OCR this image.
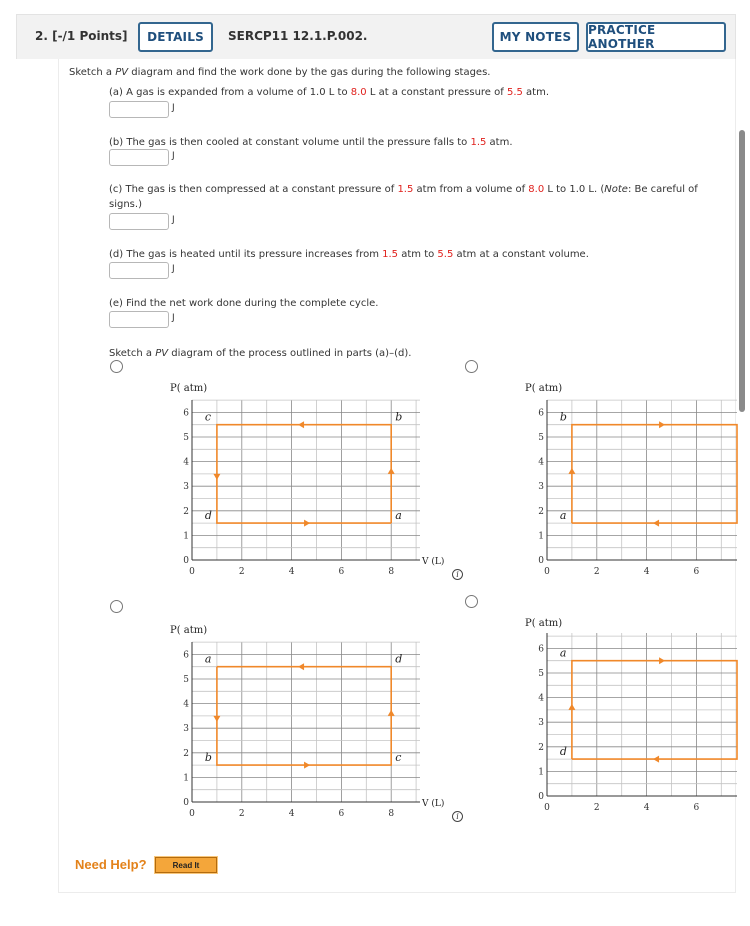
2. [-/1 Points]	DETAILS	SERCP11 12.1.P.002.	MY NOTES	PRACTICE ANOTHER
Sketch a PV diagram and find the work done by the gas during the following stages.
(a) A gas is expanded from a volume of 1.0 L to 8.0 L at a constant pressure of 5.5 atm.
J
(b) The gas is then cooled at constant volume until the pressure falls to 1.5 atm.
J
(c) The gas is then compressed at a constant pressure of 1.5 atm from a volume of 8.0 L to 1.0 L. (Note: Be careful of
signs.)
J
(d) The gas is heated until its pressure increases from 1.5 atm to 5.5 atm at a constant volume.
J
(e) Find the net work done during the complete cycle.
J
Sketch a PV diagram of the process outlined in parts (a)–(d).
0	2	4	6	8
0
1
2
3
4
5
6
P( atm)
V (L)
a
b
c
d
0	2	4	6
0
1
2
3
4
5
6
P( atm)
a
b
0	2	4	6	8
0
1
2
3
4
5
6
P( atm)
V (L)
a
b	c
d
0	2	4	6
0
1
2
3
4
5
6
P( atm)
a
d
i
i
Need Help?	Read It
